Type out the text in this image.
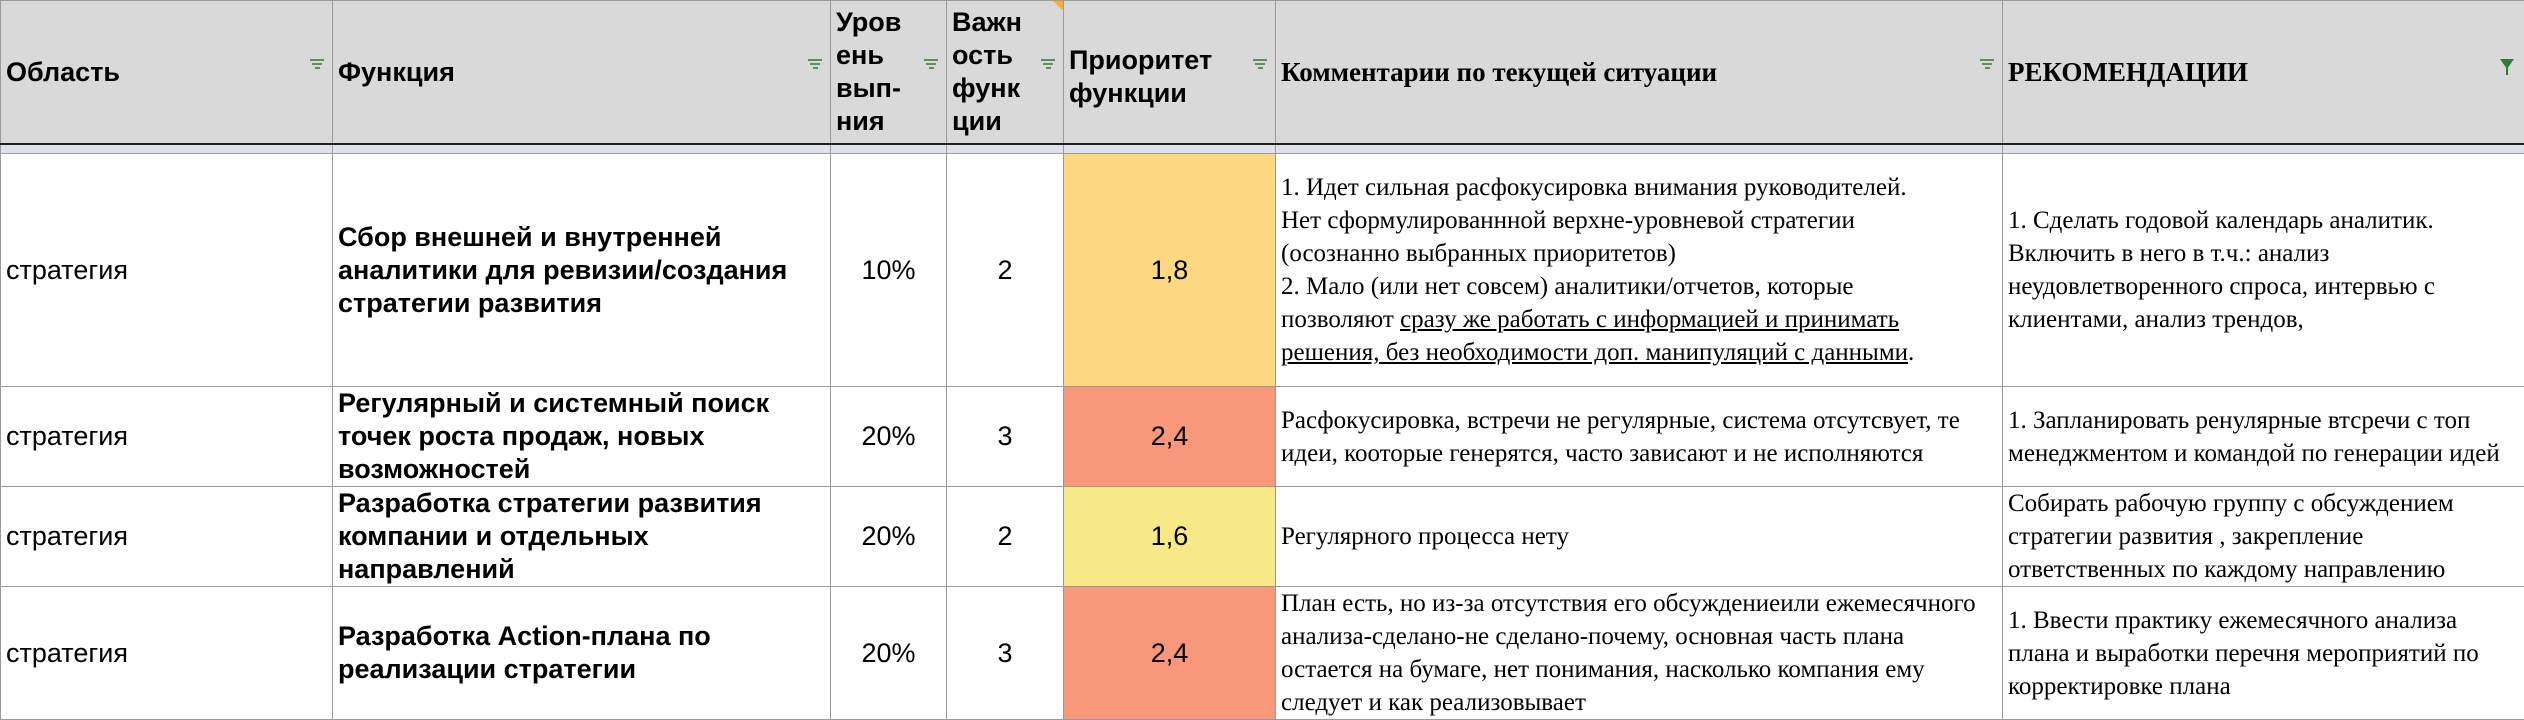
Область	Функция	Уров ень вып-ния	Важн ость функ ции	Приоритет функции	Комментарии по текущей ситуации	РЕКОМЕНДАЦИИ

стратегия	Сбор внешней и внутренней аналитики для ревизии/создания стратегии развития	10%	2	1,8	1. Идет сильная расфокусировка внимания руководителей.
Нет сформулированнной верхне-уровневой стратегии
(осознанно выбранных приоритетов)
2. Мало (или нет совсем) аналитики/отчетов, которые
позволяют сразу же работать с информацией и принимать решения, без необходимости доп. манипуляций с данными.	1. Сделать годовой календарь аналитик. Включить в него в т.ч.: анализ неудовлетворенного спроса, интервью с клиентами, анализ трендов,
стратегия	Регулярный и системный поиск точек роста продаж, новых возможностей	20%	3	2,4	Расфокусировка, встречи не регулярные, система отсутсвует, те идеи, кооторые генерятся, часто зависают и не исполняются	1. Запланировать ренулярные втсречи с топ менеджментом и командой по генерации идей
стратегия	Разработка стратегии развития компании и отдельных направлений	20%	2	1,6	Регулярного процесса нету	Собирать рабочую группу с обсуждением стратегии развития , закрепление ответственных по каждому направлению
стратегия	Разработка Action-плана по реализации стратегии	20%	3	2,4	План есть, но из-за отсутствия его обсуждениеили ежемесячного анализа-сделано-не сделано-почему, основная часть плана остается на бумаге, нет понимания, насколько компания ему следует и как реализовывает	1. Ввести практику ежемесячного анализа плана и выработки перечня мероприятий по корректировке плана
